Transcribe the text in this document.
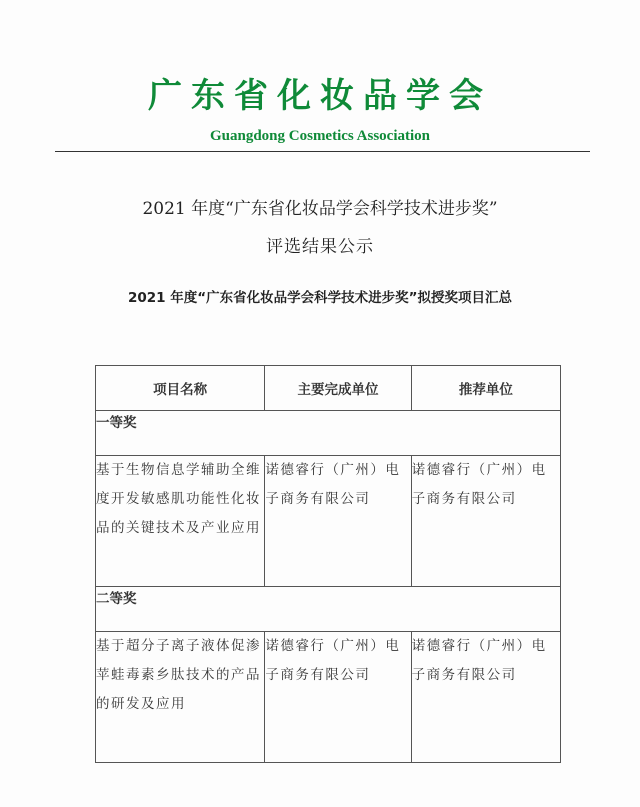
广东省化妆品学会
Guangdong Cosmetics Association
2021 年度“广东省化妆品学会科学技术进步奖”
评选结果公示
2021 年度“广东省化妆品学会科学技术进步奖”拟授奖项目汇总
项目名称	主要完成单位	推荐单位
一等奖		
基于生物信息学辅助全维度开发敏感肌功能性化妆品的关键技术及产业应用	诺德睿行（广州）电子商务有限公司	诺德睿行（广州）电子商务有限公司
二等奖		
基于超分子离子液体促渗苹蛙毒素乡肽技术的产品的研发及应用	诺德睿行（广州）电子商务有限公司	诺德睿行（广州）电子商务有限公司
